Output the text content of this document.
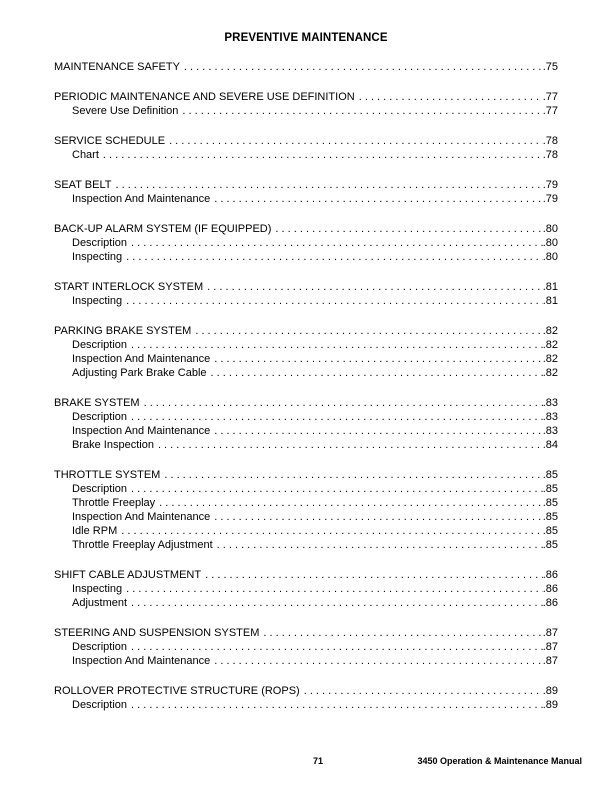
PREVENTIVE MAINTENANCE
MAINTENANCE SAFETY . . .	.75
PERIODIC MAINTENANCE AND SEVERE USE DEFINITION . . .	.77
Severe Use Definition . . .	.77
SERVICE SCHEDULE . . .	.78
Chart . . .	.78
SEAT BELT . . .	.79
Inspection And Maintenance . . .	.79
BACK-UP ALARM SYSTEM (IF EQUIPPED) . . .	.80
Description . . .	.80
Inspecting . . .	.80
START INTERLOCK SYSTEM . . .	.81
Inspecting . . .	.81
PARKING BRAKE SYSTEM . . .	.82
Description . . .	.82
Inspection And Maintenance . . .	.82
Adjusting Park Brake Cable . . .	.82
BRAKE SYSTEM . . .	.83
Description . . .	.83
Inspection And Maintenance . . .	.83
Brake Inspection . . .	.84
THROTTLE SYSTEM . . .	.85
Description . . .	.85
Throttle Freeplay . . .	.85
Inspection And Maintenance . . .	.85
Idle RPM . . .	.85
Throttle Freeplay Adjustment . . .	.85
SHIFT CABLE ADJUSTMENT . . .	.86
Inspecting . . .	.86
Adjustment . . .	.86
STEERING AND SUSPENSION SYSTEM . . .	.87
Description . . .	.87
Inspection And Maintenance . . .	.87
ROLLOVER PROTECTIVE STRUCTURE (ROPS) . . .	.89
Description . . .	.89
71	3450 Operation & Maintenance Manual
